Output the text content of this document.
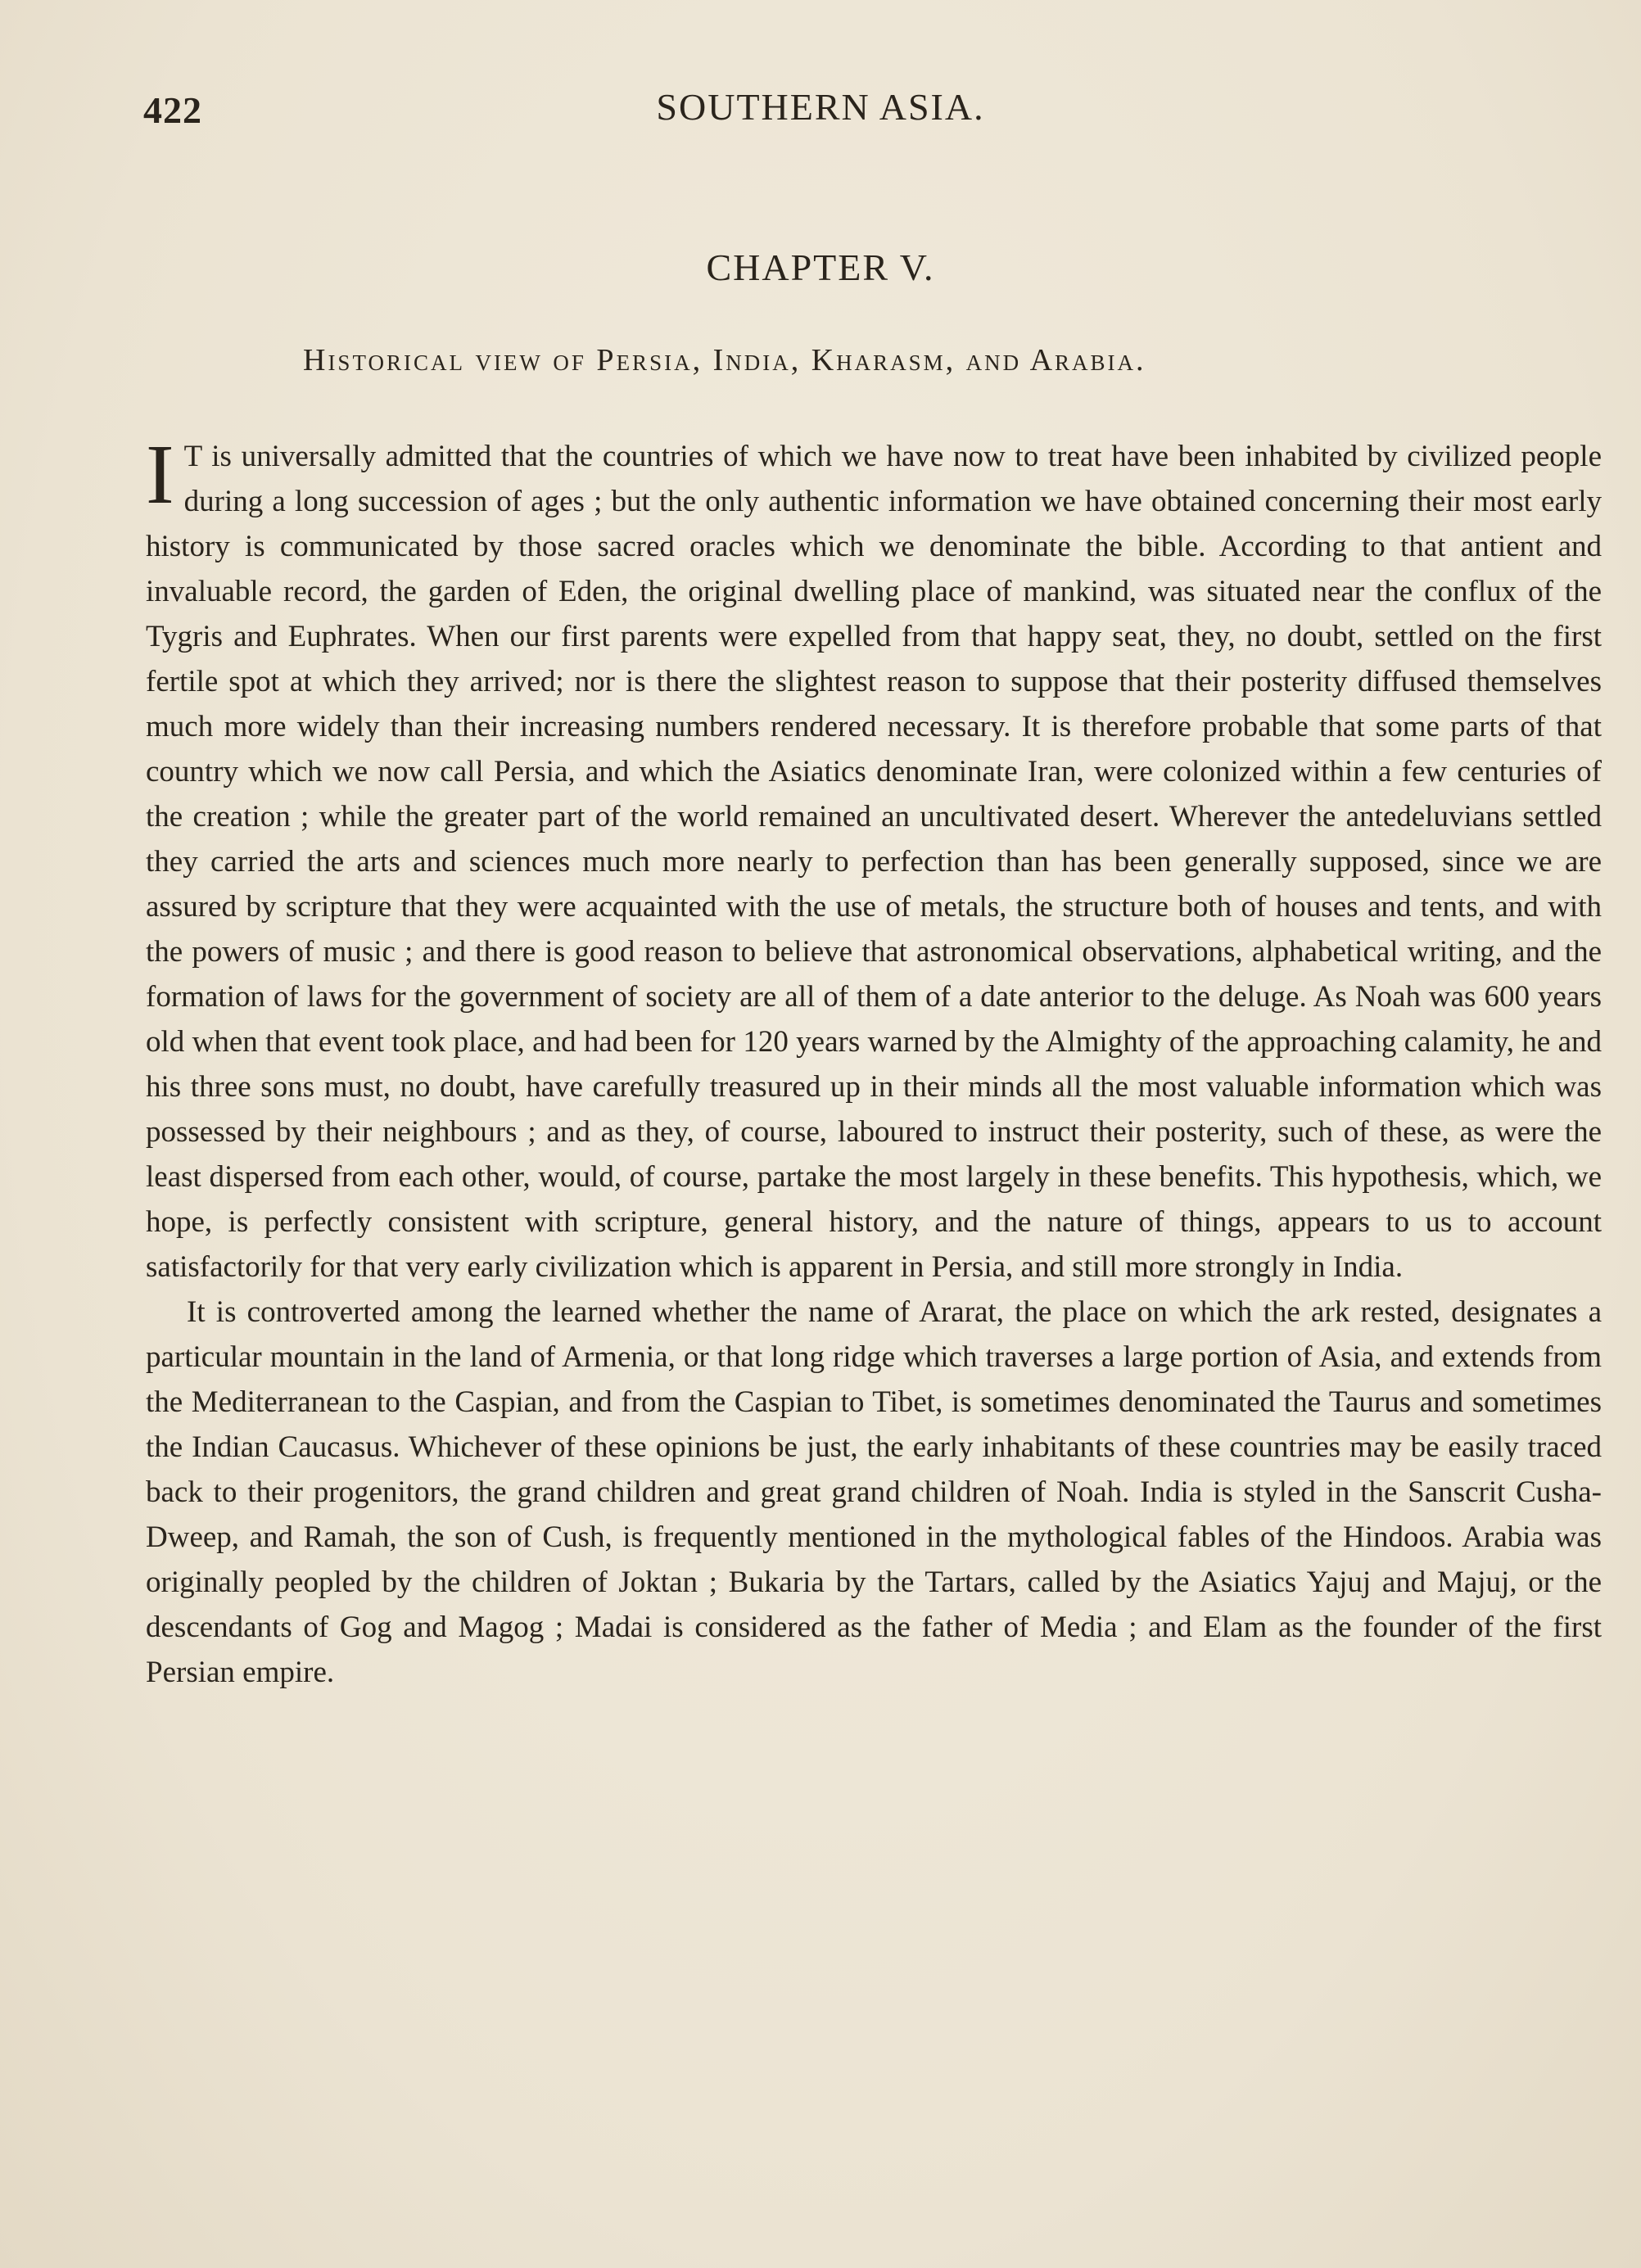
422	SOUTHERN ASIA.
CHAPTER V.
Historical view of Persia, India, Kharasm, and Arabia.
I T is universally admitted that the countries of which we have now to treat have been inhabited by civilized people during a long succession of ages ; but the only authentic information we have obtained concerning their most early history is communicated by those sacred oracles which we denominate the bible. According to that antient and invaluable record, the garden of Eden, the original dwelling place of mankind, was situated near the conflux of the Tygris and Euphrates. When our first parents were expelled from that happy seat, they, no doubt, settled on the first fertile spot at which they arrived; nor is there the slightest reason to suppose that their posterity diffused themselves much more widely than their increasing numbers rendered necessary. It is therefore probable that some parts of that country which we now call Persia, and which the Asiatics denominate Iran, were colonized within a few centuries of the creation ; while the greater part of the world remained an uncultivated desert. Wherever the antedeluvians settled they carried the arts and sciences much more nearly to perfection than has been generally supposed, since we are assured by scripture that they were acquainted with the use of metals, the structure both of houses and tents, and with the powers of music ; and there is good reason to believe that astronomical observations, alphabetical writing, and the formation of laws for the government of society are all of them of a date anterior to the deluge. As Noah was 600 years old when that event took place, and had been for 120 years warned by the Almighty of the approaching calamity, he and his three sons must, no doubt, have carefully treasured up in their minds all the most valuable information which was possessed by their neighbours ; and as they, of course, laboured to instruct their posterity, such of these, as were the least dispersed from each other, would, of course, partake the most largely in these benefits. This hypothesis, which, we hope, is perfectly consistent with scripture, general history, and the nature of things, appears to us to account satisfactorily for that very early civilization which is apparent in Persia, and still more strongly in India.
It is controverted among the learned whether the name of Ararat, the place on which the ark rested, designates a particular mountain in the land of Armenia, or that long ridge which traverses a large portion of Asia, and extends from the Mediterranean to the Caspian, and from the Caspian to Tibet, is sometimes denominated the Taurus and sometimes the Indian Caucasus. Whichever of these opinions be just, the early inhabitants of these countries may be easily traced back to their progenitors, the grand children and great grand children of Noah. India is styled in the Sanscrit Cusha-Dweep, and Ramah, the son of Cush, is frequently mentioned in the mythological fables of the Hindoos. Arabia was originally peopled by the children of Joktan ; Bukaria by the Tartars, called by the Asiatics Yajuj and Majuj, or the descendants of Gog and Magog ; Madai is considered as the father of Media ; and Elam as the founder of the first Persian empire.
